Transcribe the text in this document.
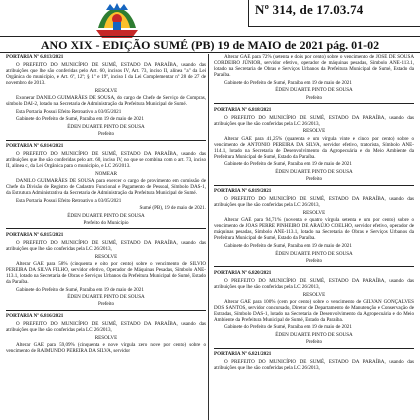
Nº 314, de 17.03.74
ANO XIX - EDIÇÃO SUMÉ (PB) 19 de MAIO de 2021 pág. 01-02
PORTARIA Nº 6.813/2021
O PREFEITO DO MUNICÍPIO DE SUMÉ, ESTADO DA PARAÍBA, usando das atribuições que lhe são conferidas pelo Art. 60, incisos IV, Art. 73, inciso II, alínea "a" da Lei Orgânica do município, e Art. 6º, 12º; § 1º e 19º, inciso I da Lei Complementar nº 28 de 27 de novembro de 2013.
RESOLVE
Exonerar DANILO GUIMARÃES DE SOUSA, do cargo de Chefe de Serviço de Compras, símbolo DAI-2, lotado na Secretaria de Administração da Prefeitura Municipal de Sumé.
Esta Portaria Possui Efeito Retroativo a 03/05/2021
Gabinete do Prefeito de Sumé, Paraíba em 19 de maio de 2021
ÉDEN DUARTE PINTO DE SOUSA
Prefeito
PORTARIA Nº 6.814/2021
O PREFEITO DO MUNICÍPIO DE SUMÉ, ESTADO DA PARAÍBA, usando das atribuições que lhe são conferidas pelo art. 60, inciso IV, no que se combina com o art. 73, inciso II, alínea c, da Lei Orgânica para o município, e LC 26/2013.
NOMEAR
DANILO GUIMARÃES DE SOUSA para exercer o cargo de provimento em comissão de Chefe da Divisão de Registro de Cadastro Funcional e Pagamento de Pessoal, Símbolo DAS-1, da Estrutura Administrativa da Secretaria de Administração da Prefeitura Municipal de Sumé.
Esta Portaria Possui Efeito Retroativo a 03/05/2021
Sumé (PB), 19 de maio de 2021.
ÉDEN DUARTE PINTO DE SOUSA
Prefeito do Município
PORTARIA Nº 6.815/2021
O PREFEITO DO MUNICÍPIO DE SUMÉ, ESTADO DA PARAÍBA, usando das atribuições que lhe são conferidas pela LC 26/2013,
RESOLVE
Alterar GAE para 58% (cinquenta e oito por cento) sobre o vencimento de SILVIO PEREIRA DA SILVA FILHO, servidor efetivo, Operador de Máquinas Pesadas, Símbolo ANE-113.1, lotado na Secretaria de Obras e Serviços Urbanos da Prefeitura Municipal de Sumé, Estado da Paraíba.
Gabinete do Prefeito de Sumé, Paraíba em 19 de maio de 2021
ÉDEN DUARTE PINTO DE SOUSA
Prefeito
PORTARIA Nº 6.816/2021
O PREFEITO DO MUNICÍPIO DE SUMÉ, ESTADO DA PARAÍBA, usando das atribuições que lhe são conferidas pela LC 26/2013,
RESOLVE
Alterar GAE para 59,09% (cinquenta e nove vírgula zero nove por cento) sobre o vencimento de RAIMUNDO PEREIRA DA SILVA, servidor
Alterar GAE para 72% (setenta e dois por cento) sobre o vencimento de JOSÉ DE SOUSA CORDEIRO JÚNIOR, servidor efetivo, operador de máquinas pesadas, Símbolo ANE-113.1, lotado na Secretaria de Obras e Serviços Urbanos da Prefeitura Municipal de Sumé, Estado da Paraíba.
Gabinete do Prefeito de Sumé, Paraíba em 19 de maio de 2021
ÉDEN DUARTE PINTO DE SOUSA
Prefeito
PORTARIA Nº 6.818/2021
O PREFEITO DO MUNICÍPIO DE SUMÉ, ESTADO DA PARAÍBA, usando das atribuições que lhe são conferidas pela LC 26/2013,
RESOLVE
Alterar GAE para 41,25% (quarenta e um vírgula vinte e cinco por cento) sobre o vencimento de ANTONIO PEREIRA DA SILVA, servidor efetivo, tratorista, Símbolo ANE-114.1, lotado na Secretaria de Desenvolvimento da Agropecuária e do Meio Ambiente da Prefeitura Municipal de Sumé, Estado da Paraíba.
Gabinete do Prefeito de Sumé, Paraíba em 19 de maio de 2021
ÉDEN DUARTE PINTO DE SOUSA
Prefeito
PORTARIA Nº 6.819/2021
O PREFEITO DO MUNICÍPIO DE SUMÉ, ESTADO DA PARAÍBA, usando das atribuições que lhe são conferidas pela LC 26/2013,
RESOLVE
Alterar GAE para 94,71% (noventa e quatro vírgula setenta e um por cento) sobre o vencimento de JOAS PERRE PINHEIRO DE ARAÚJO COELHO, servidor efetivo, operador de máquinas pesadas, Símbolo ANE-113.1, lotado na Secretaria de Obras e Serviços Urbanos da Prefeitura Municipal de Sumé, Estado da Paraíba.
Gabinete do Prefeito de Sumé, Paraíba em 19 de maio de 2021
ÉDEN DUARTE PINTO DE SOUSA
Prefeito
PORTARIA Nº 6.820/2021
O PREFEITO DO MUNICÍPIO DE SUMÉ, ESTADO DA PARAÍBA, usando das atribuições que lhe são conferidas pela LC 26/2013,
RESOLVE
Alterar GAE para 100% (cem por cento) sobre o vencimento de GILVAN GONÇALVES DOS SANTOS, servidor concursado, Diretor de Departamento de Manutenção e Conservação de Estradas, Símbolo DAS-1, lotado na Secretaria de Desenvolvimento da Agropecuária e do Meio Ambiente da Prefeitura Municipal de Sumé, Estado da Paraíba.
Gabinete do Prefeito de Sumé, Paraíba em 19 de maio de 2021
ÉDEN DUARTE PINTO DE SOUSA
Prefeito
PORTARIA Nº 6.821/2021
O PREFEITO DO MUNICÍPIO DE SUMÉ, ESTADO DA PARAÍBA, usando das atribuições que lhe são conferidas pela LC 26/2013,
